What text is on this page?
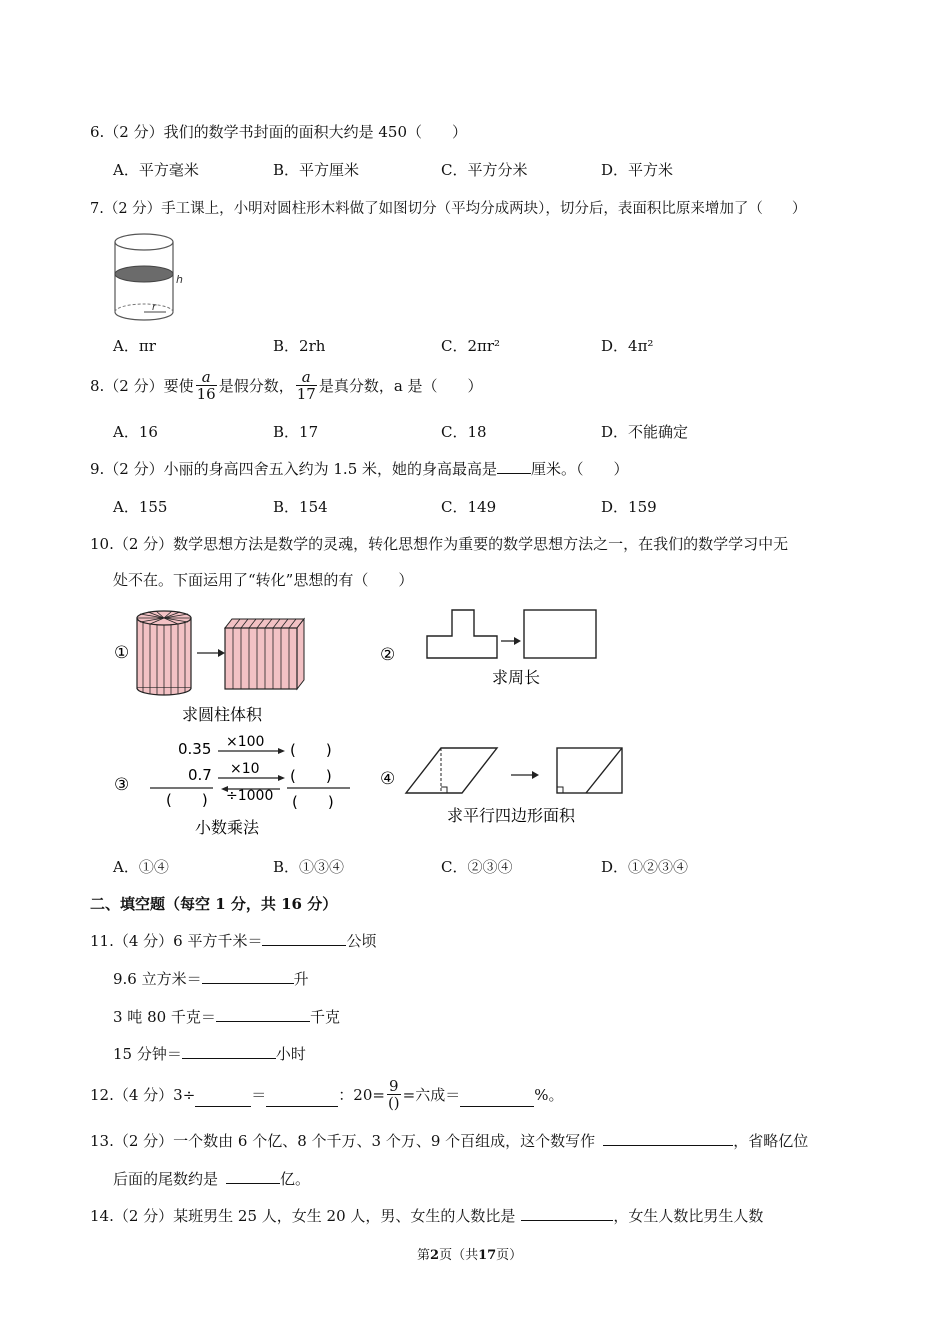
6.（2 分）我们的数学书封面的面积大约是 450（　　）
A．平方毫米	B．平方厘米	C．平方分米	D．平方米
7.（2 分）手工课上，小明对圆柱形木料做了如图切分（平均分成两块），切分后，表面积比原来增加了（　　）
h
r
A．πr	B．2rh	C．2πr²	D．4π²
8.（2 分）要使 $\frac{a}{16}$ 是假分数， $\frac{a}{17}$ 是真分数，a 是（　　）
A．16	B．17	C．18	D．不能确定
9.（2 分）小丽的身高四舍五入约为 1.5 米，她的身高最高是 厘米。（　　）
A．155	B．154	C．149	D．159
10.（2 分）数学思想方法是数学的灵魂，转化思想作为重要的数学思想方法之一，在我们的数学学习中无
处不在。下面运用了“转化”思想的有（　　）
①
求圆柱体积
②
求周长
③
0.35 ×100 (　　)
0.7 ×10 (　　)
÷1000
(　　)	(　　)
小数乘法
④
求平行四边形面积
A．①④	B．①③④	C．②③④	D．①②③④
二、填空题（每空 1 分，共 16 分）
11.（4 分）6 平方千米＝	公顷
9.6 立方米＝	升
3 吨 80 千克＝	千克
15 分钟＝	小时
12.（4 分）3÷	＝	：$20= \frac{9}{()}$ =六成＝	%。
13.（2 分）一个数由 6 个亿、8 个千万、3 个万、9 个百组成，这个数写作	，省略亿位
后面的尾数约是	亿。
14.（2 分）某班男生 25 人，女生 20 人，男、女生的人数比是	，女生人数比男生人数
第2页（共17页）
